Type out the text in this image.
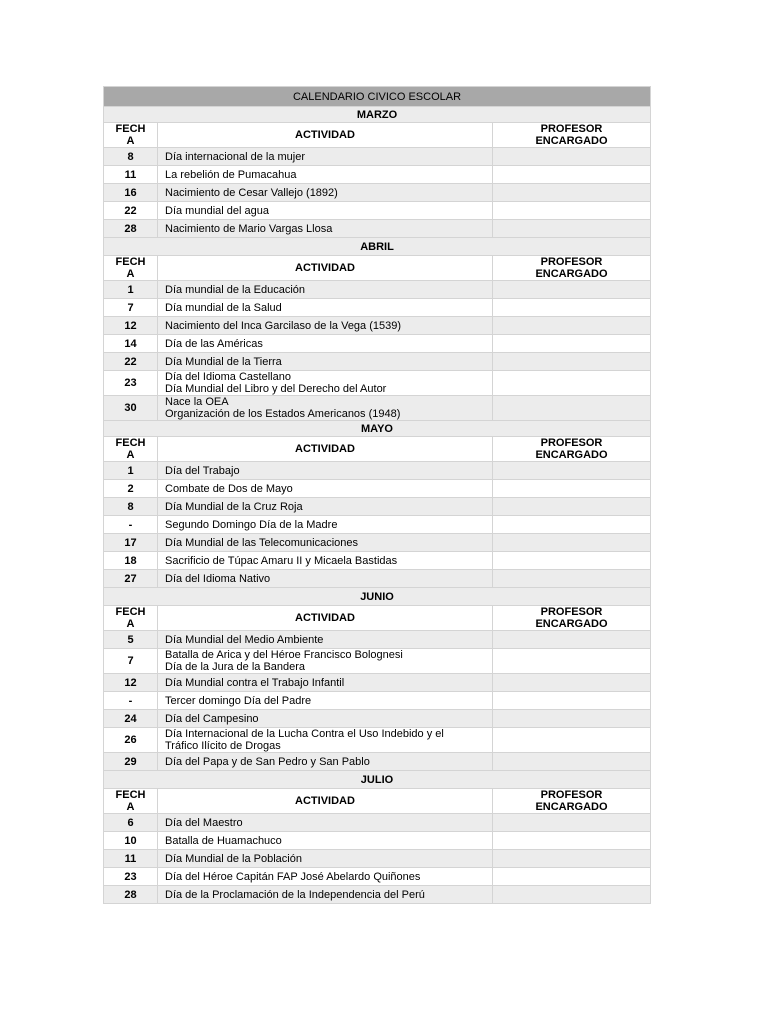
CALENDARIO CIVICO ESCOLAR		
MARZO		
FECH
A	ACTIVIDAD	PROFESOR
ENCARGADO
8	Día internacional de la mujer	
11	La rebelión de Pumacahua	
16	Nacimiento de Cesar Vallejo (1892)	
22	Día mundial del agua	
28	Nacimiento de Mario Vargas Llosa	
ABRIL		
FECH
A	ACTIVIDAD	PROFESOR
ENCARGADO
1	Día mundial de la Educación	
7	Día mundial de la Salud	
12	Nacimiento del Inca Garcilaso de la Vega (1539)	
14	Día de las Américas	
22	Día Mundial de la Tierra	
23	Día del Idioma Castellano
Día Mundial del Libro y del Derecho del Autor	
30	Nace la OEA
Organización de los Estados Americanos (1948)	
MAYO		
FECH
A	ACTIVIDAD	PROFESOR
ENCARGADO
1	Día del Trabajo	
2	Combate de Dos de Mayo	
8	Día Mundial de la Cruz Roja	
-	Segundo Domingo Día de la Madre	
17	Día Mundial de las Telecomunicaciones	
18	Sacrificio de Túpac Amaru II y Micaela Bastidas	
27	Día del Idioma Nativo	
JUNIO		
FECH
A	ACTIVIDAD	PROFESOR
ENCARGADO
5	Día Mundial del Medio Ambiente	
7	Batalla de Arica y del Héroe Francisco Bolognesi
Día de la Jura de la Bandera	
12	Día Mundial contra el Trabajo Infantil	
-	Tercer domingo Día del Padre	
24	Día del Campesino	
26	Día Internacional de la Lucha Contra el Uso Indebido y el
Tráfico Ilícito de Drogas	
29	Día del Papa y de San Pedro y San Pablo	
JULIO		
FECH
A	ACTIVIDAD	PROFESOR
ENCARGADO
6	Día del Maestro	
10	Batalla de Huamachuco	
11	Día Mundial de la Población	
23	Día del Héroe Capitán FAP José Abelardo Quiñones	
28	Día de la Proclamación de la Independencia del Perú	
